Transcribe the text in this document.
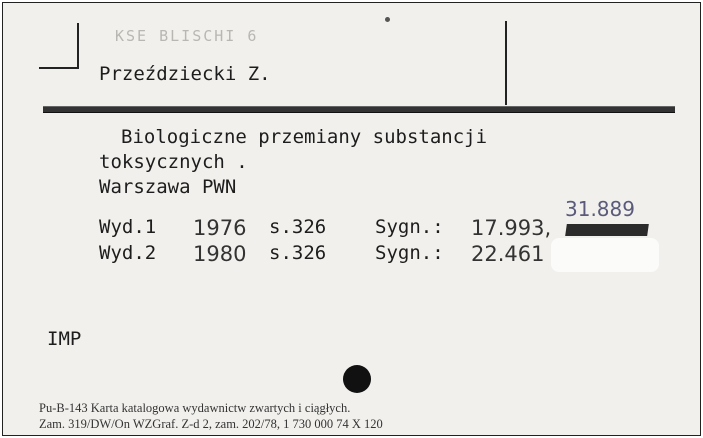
KSE BLISCHI 6
Przeździecki Z.
Biologiczne przemiany substancji
toksycznych .
Warszawa PWN
Wyd.1 1976 s.326	Sygn.: 17.993,
Wyd.2 1980 s.326	Sygn.: 22.461
31.889
IMP
Pu-B-143 Karta katalogowa wydawnictw zwartych i ciągłych.
Zam. 319/DW/On WZGraf. Z-d 2, zam. 202/78, 1 730 000 74 X 120
